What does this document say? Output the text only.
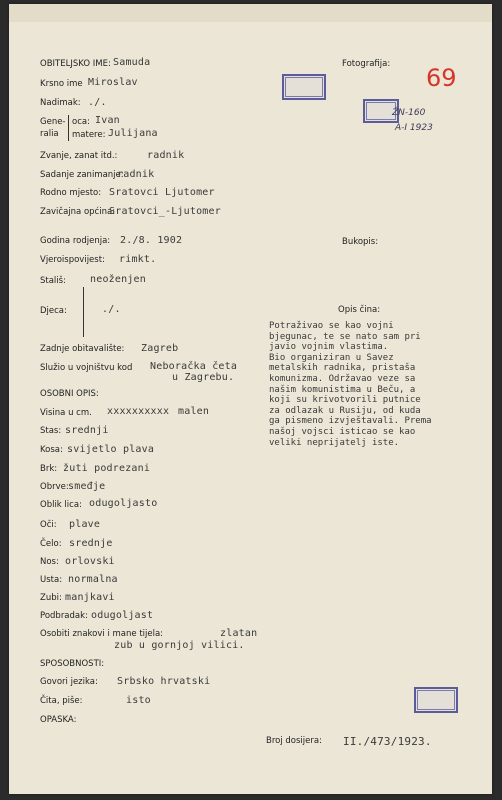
69
ŽN-160
A-I 1923
OBITELJSKO IME: Samuda	Fotografija:
Krsno ime Miroslav
Nadimak: ./.
Gene-
ralia
oca: Ivan
matere: Julijana
Zvanje, zanat itd.:	radnik
Sadanje zanimanje:
radnik
Rodno mjesto: Sratovci Ljutomer
Zavičajna općina:
Sratovci_-Ljutomer
Godina rodjenja: 2./8. 1902	Bukopis:
Vjeroispovijest: rimkt.
Stališ: neoženjen
Djeca:	./.	Opis čina:
Potraživao se kao vojni
bjegunac, te se nato sam pri
javio vojnim vlastima.
Bio organiziran u Savez
metalskih radnika, pristaša
komunizma. Održavao veze sa
našim komunistima u Beču, a
koji su krivotvorili putnice
za odlazak u Rusiju, od kuda
ga pismeno izvještavali. Prema
našoj vojsci isticao se kao
veliki neprijatelj iste.
Zadnje obitavalište: Zagreb
Služio u vojništvu kod Neboračka četa
u Zagrebu.
OSOBNI OPIS:
Visina u cm. xxxxxxxxxx malen
Stas: srednji
Kosa: svijetlo plava
Brk: žuti podrezani
Obrve: smeđje
Oblik lica: odugoljasto
Oči: plave
Čelo: srednje
Nos: orlovski
Usta: normalna
Zubi: manjkavi
Podbradak: odugoljast
Osobiti znakovi i mane tijela:	zlatan
zub u gornjoj vilici.
SPOSOBNOSTI:
Govori jezika: Srbsko hrvatski
Čita, piše:	isto
OPASKA:
Broj dosijera: II./473/1923.
